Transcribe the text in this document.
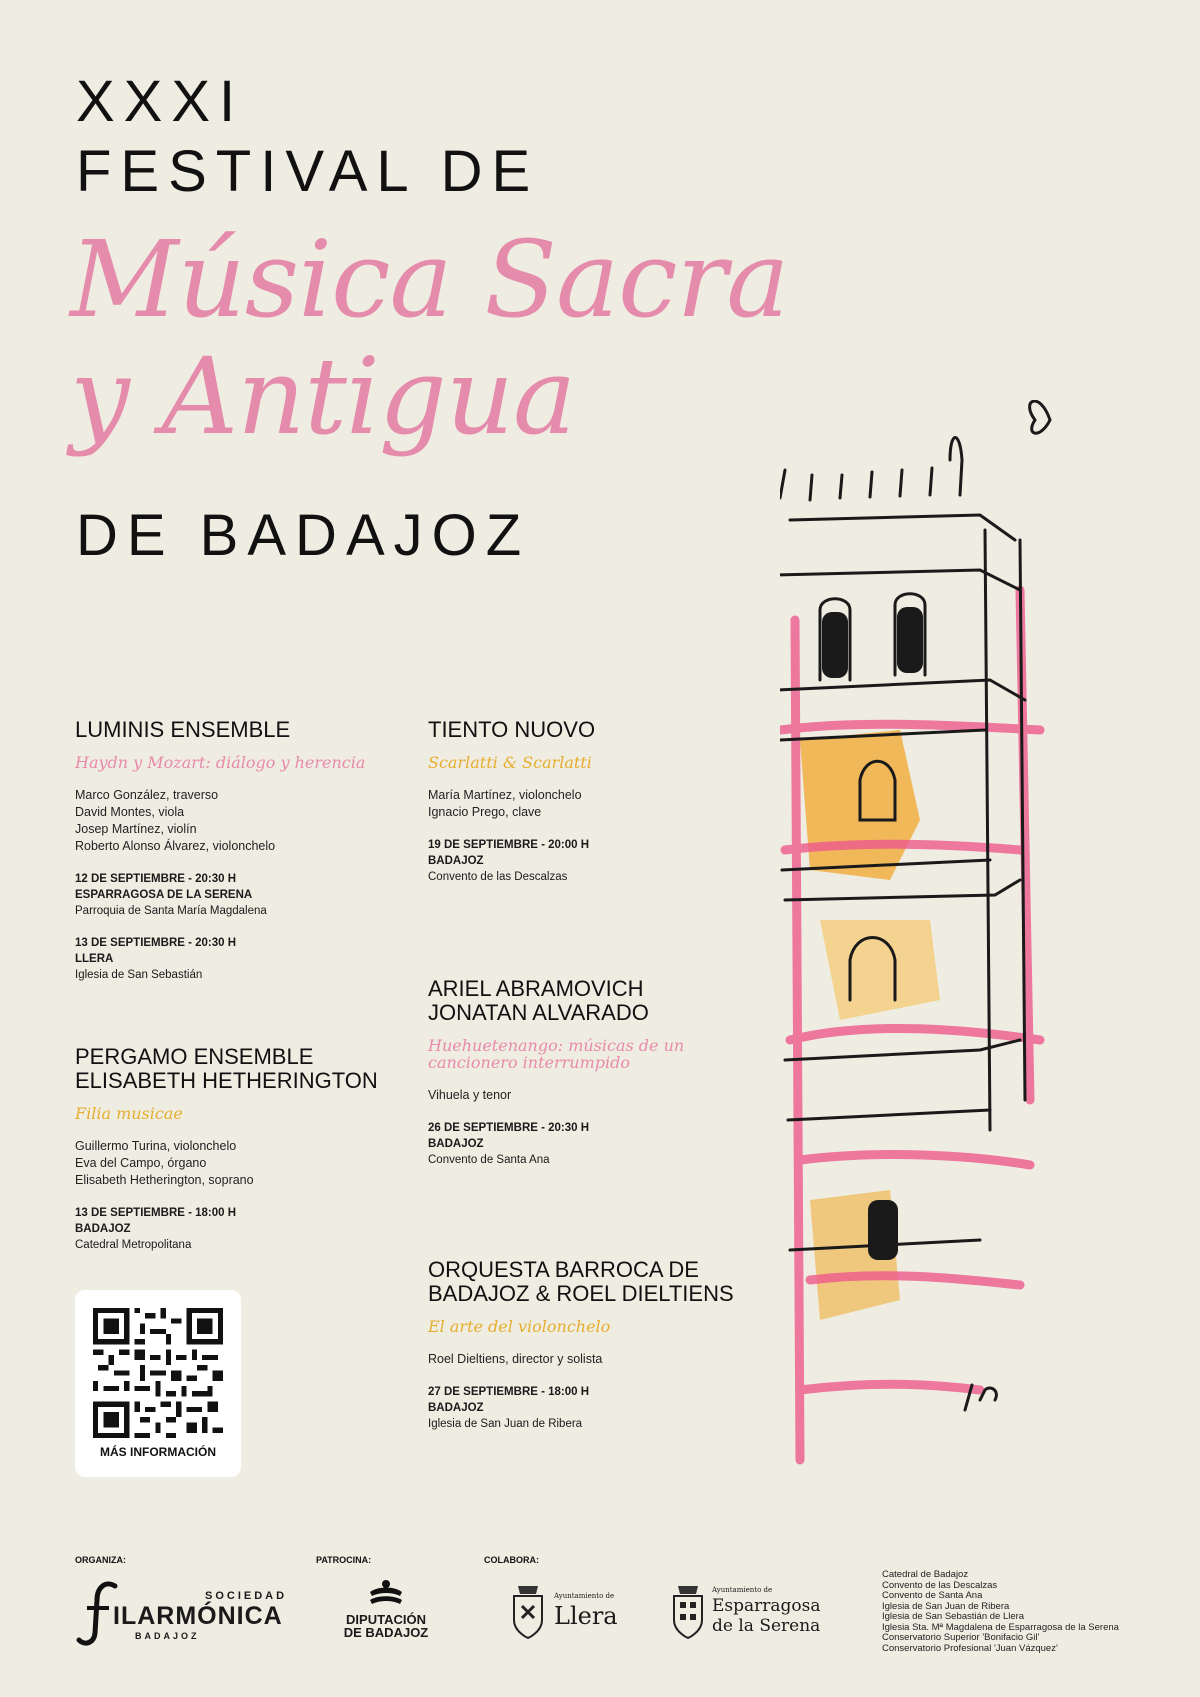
XXXI
FESTIVAL DE
Música Sacra
y Antigua
DE BADAJOZ
LUMINIS ENSEMBLE
Haydn y Mozart: diálogo y herencia
Marco González, traverso
David Montes, viola
Josep Martínez, violín
Roberto Alonso Álvarez, violonchelo
12 DE SEPTIEMBRE - 20:30 H
ESPARRAGOSA DE LA SERENA
Parroquia de Santa María Magdalena
13 DE SEPTIEMBRE - 20:30 H
LLERA
Iglesia de San Sebastián
PERGAMO ENSEMBLE
ELISABETH HETHERINGTON
Filia musicae
Guillermo Turina, violonchelo
Eva del Campo, órgano
Elisabeth Hetherington, soprano
13 DE SEPTIEMBRE - 18:00 H
BADAJOZ
Catedral Metropolitana
TIENTO NUOVO
Scarlatti & Scarlatti
María Martínez, violonchelo
Ignacio Prego, clave
19 DE SEPTIEMBRE - 20:00 H
BADAJOZ
Convento de las Descalzas
ARIEL ABRAMOVICH
JONATAN ALVARADO
Huehuetenango: músicas de un
cancionero interrumpido
Vihuela y tenor
26 DE SEPTIEMBRE - 20:30 H
BADAJOZ
Convento de Santa Ana
ORQUESTA BARROCA DE
BADAJOZ & ROEL DIELTIENS
El arte del violonchelo
Roel Dieltiens, director y solista
27 DE SEPTIEMBRE - 18:00 H
BADAJOZ
Iglesia de San Juan de Ribera
MÁS INFORMACIÓN
ORGANIZA:	PATROCINA:	COLABORA:
SOCIEDAD
ILARMÓNICA
BADAJOZ
DIPUTACIÓN
DE BADAJOZ
Ayuntamiento de
Llera
Ayuntamiento de
Esparragosa
de la Serena
Catedral de Badajoz
Convento de las Descalzas
Convento de Santa Ana
Iglesia de San Juan de Ribera
Iglesia de San Sebastián de Llera
Iglesia Sta. Mª Magdalena de Esparragosa de la Serena
Conservatorio Superior 'Bonifacio Gil'
Conservatorio Profesional 'Juan Vázquez'
